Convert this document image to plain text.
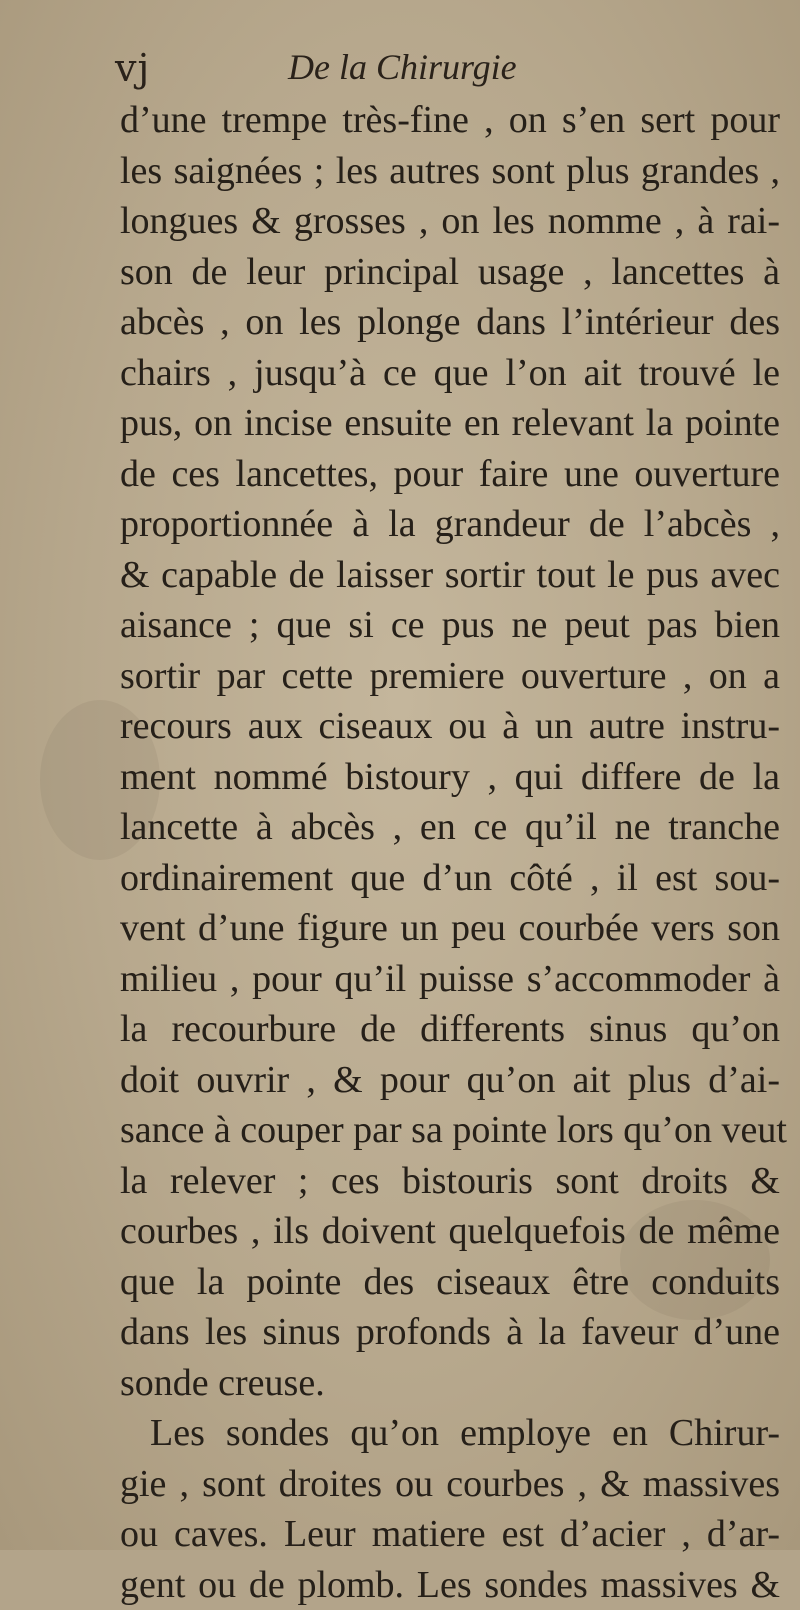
vj	De la Chirurgie
d’une trempe très-fine , on s’en sert pour
les saignées ; les autres sont plus grandes ,
longues & grosses , on les nomme , à rai-
son de leur principal usage , lancettes à
abcès , on les plonge dans l’intérieur des
chairs , jusqu’à ce que l’on ait trouvé le
pus, on incise ensuite en relevant la pointe
de ces lancettes, pour faire une ouverture
proportionnée à la grandeur de l’abcès ,
& capable de laisser sortir tout le pus avec
aisance ; que si ce pus ne peut pas bien
sortir par cette premiere ouverture , on a
recours aux ciseaux ou à un autre instru-
ment nommé bistoury , qui differe de la
lancette à abcès , en ce qu’il ne tranche
ordinairement que d’un côté , il est sou-
vent d’une figure un peu courbée vers son
milieu , pour qu’il puisse s’accommoder à
la recourbure de differents sinus qu’on
doit ouvrir , & pour qu’on ait plus d’ai-
sance à couper par sa pointe lors qu’on veut
la relever ; ces bistouris sont droits &
courbes , ils doivent quelquefois de même
que la pointe des ciseaux être conduits
dans les sinus profonds à la faveur d’une
sonde creuse.
Les sondes qu’on employe en Chirur-
gie , sont droites ou courbes , & massives
ou caves. Leur matiere est d’acier , d’ar-
gent ou de plomb. Les sondes massives &
